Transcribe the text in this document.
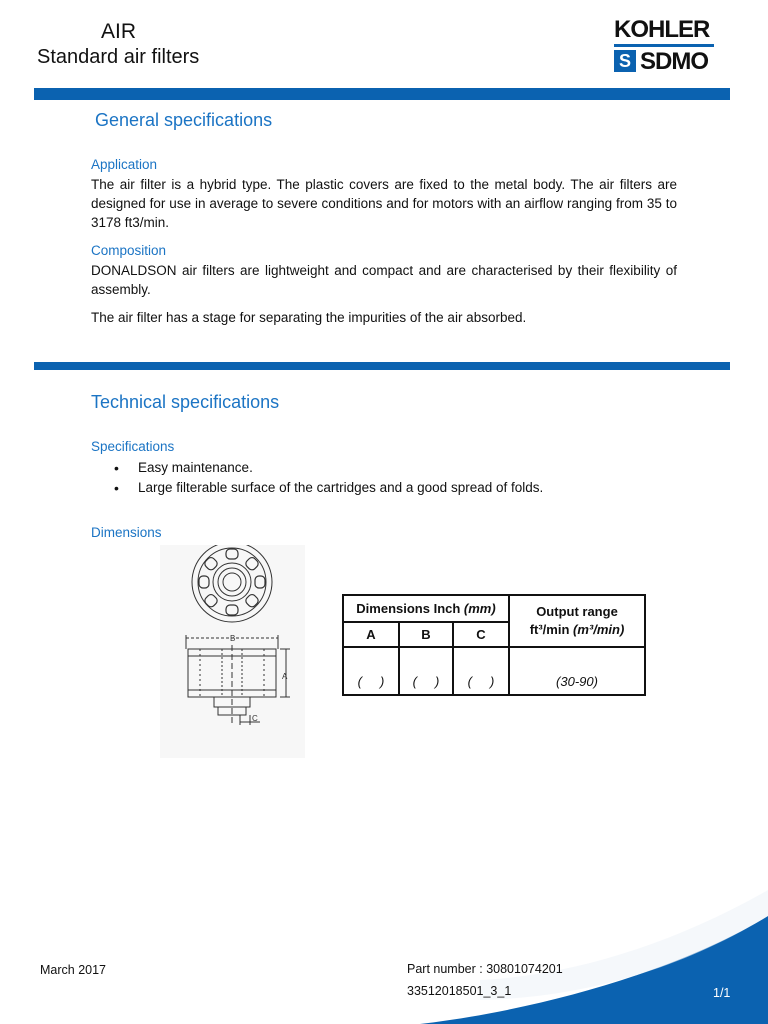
AIR
Standard air filters
KOHLER
S SDMO
General specifications
Application
The air filter is a hybrid type. The plastic covers are fixed to the metal body. The air filters are designed for use in average to severe conditions and for motors with an airflow ranging from 35 to 3178 ft3/min.
Composition
DONALDSON air filters are lightweight and compact and are characterised by their flexibility of assembly.
The air filter has a stage for separating the impurities of the air absorbed.
Technical specifications
Specifications
• Easy maintenance.
• Large filterable surface of the cartridges and a good spread of folds.
Dimensions
B
A
C
Dimensions Inch (mm)			Output range
ft³/min (m³/min)

A	B	C	
(     )	(     )	(     )	(30-90)
March 2017	Part number : 30801074201
33512018501_3_1	1/1
